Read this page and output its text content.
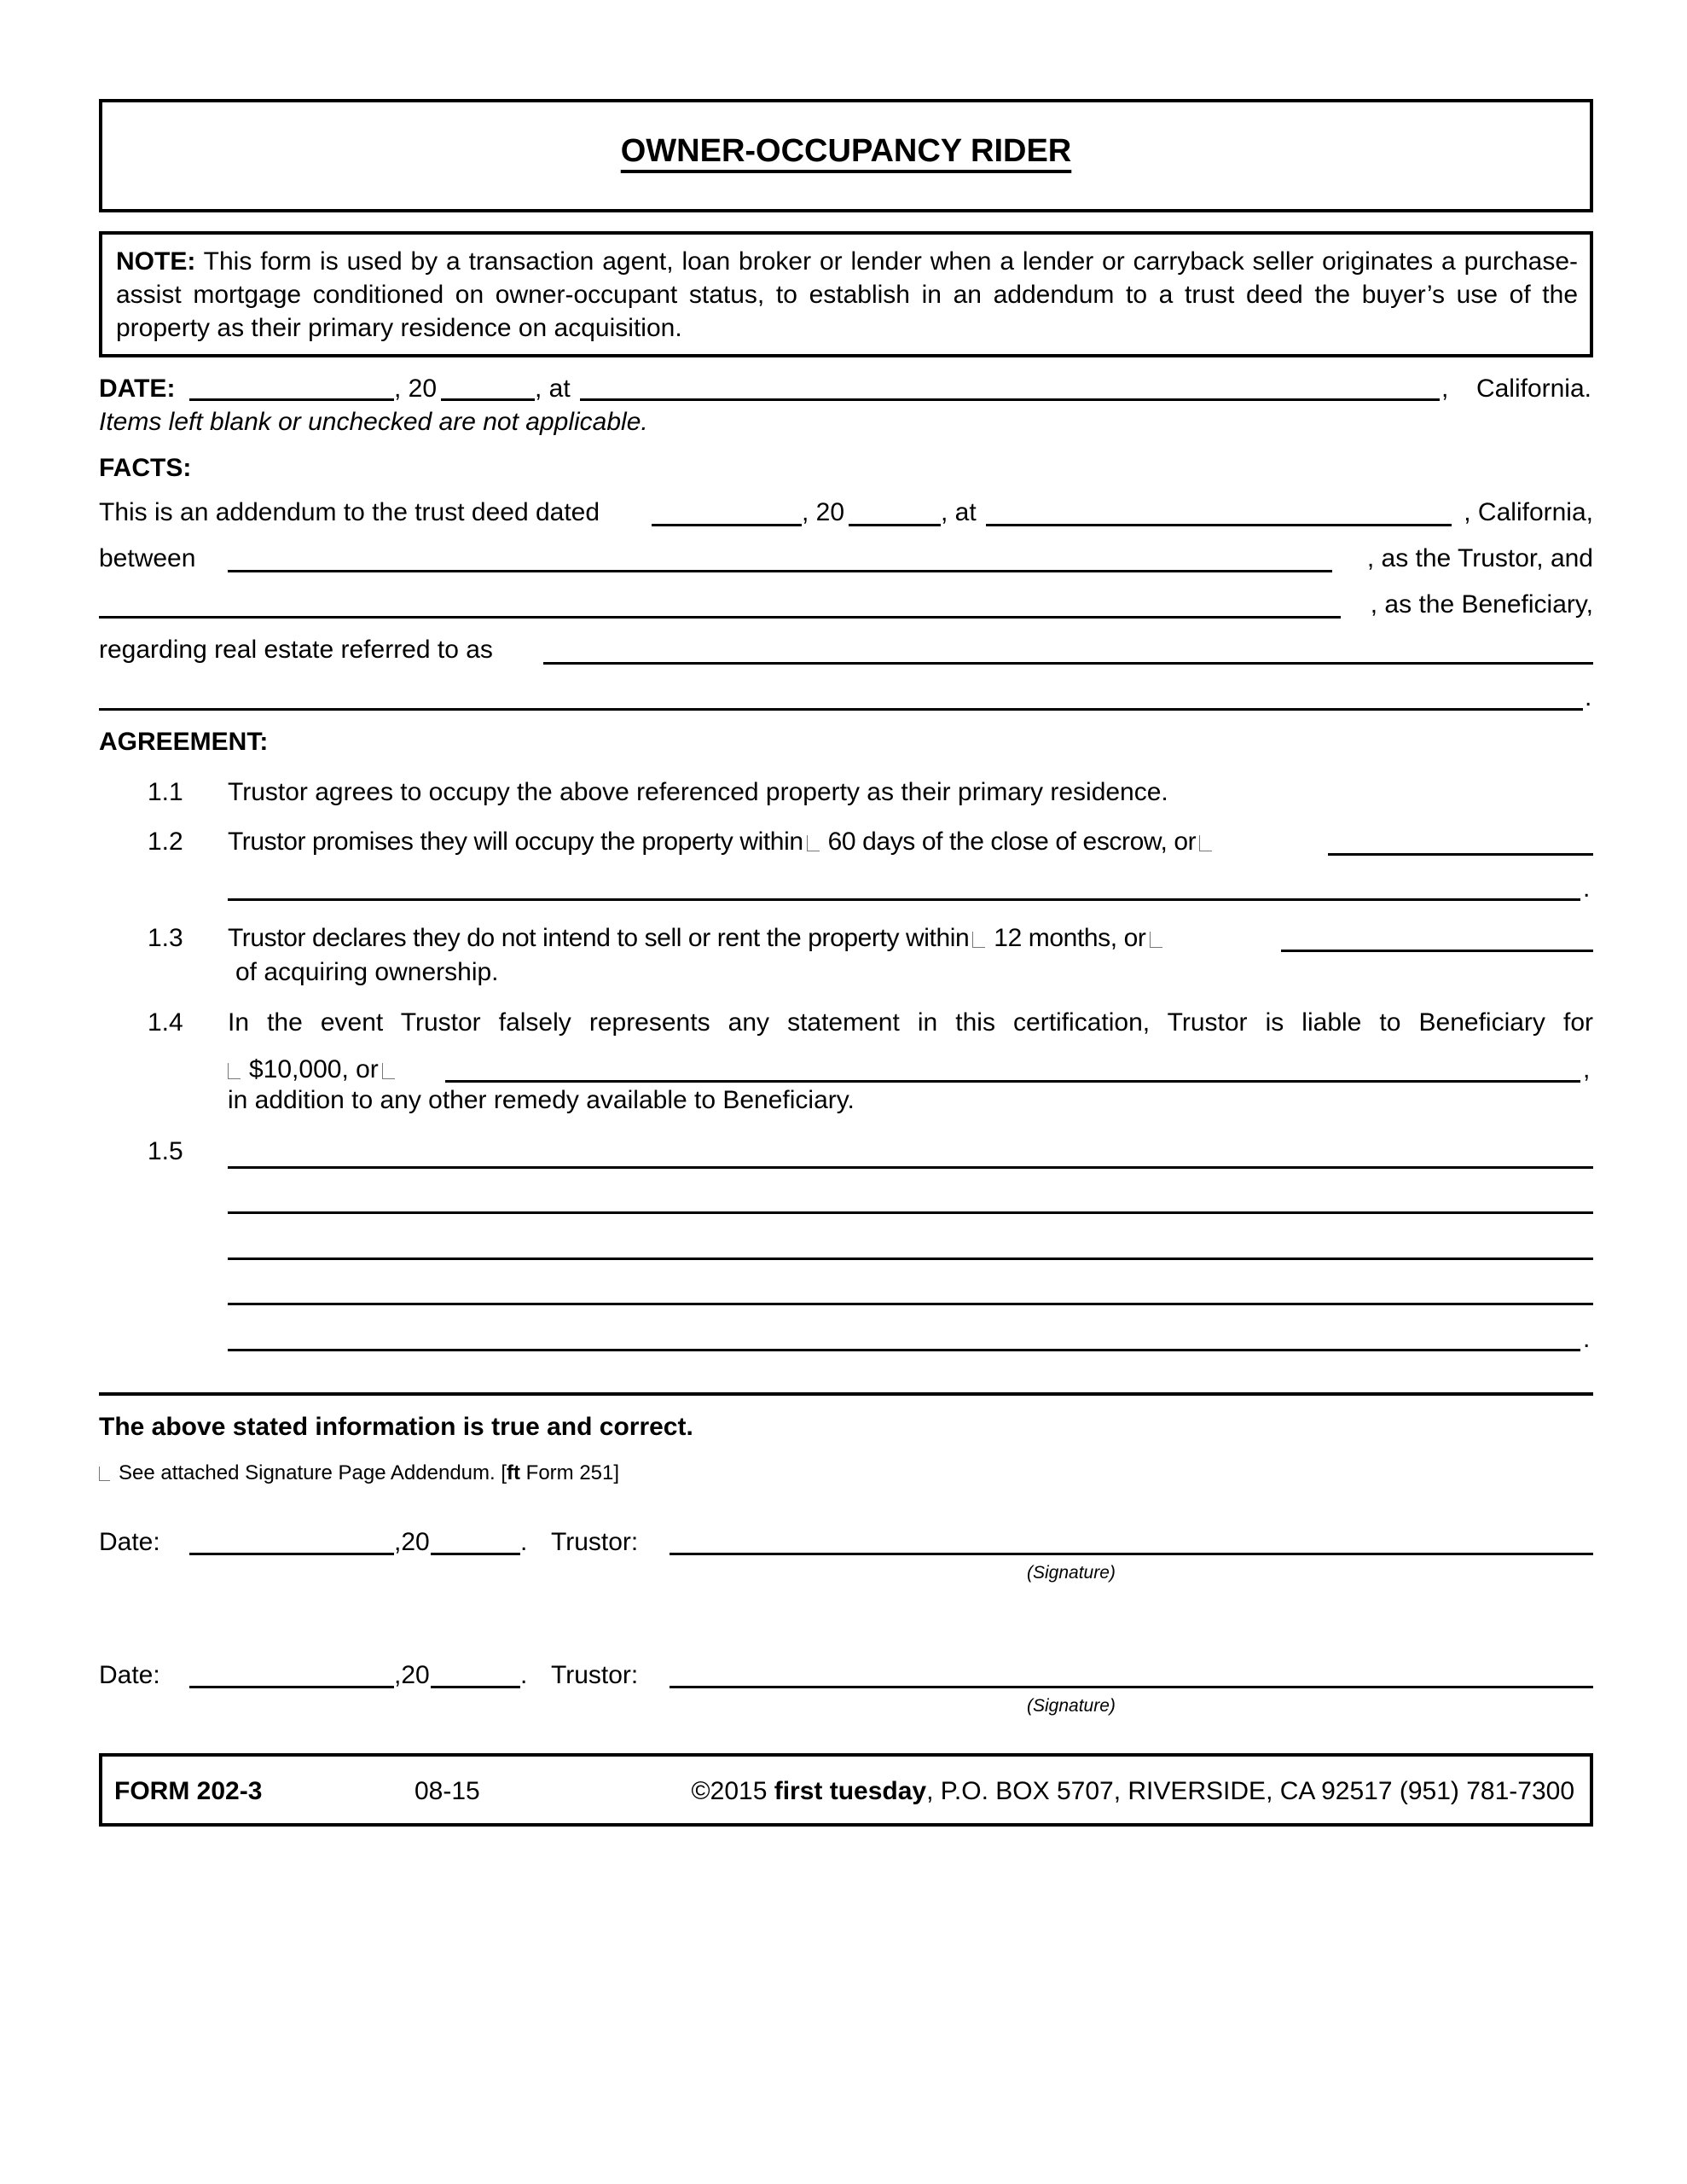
OWNER-OCCUPANCY RIDER
NOTE: This form is used by a transaction agent, loan broker or lender when a lender or carryback seller originates a purchase-assist mortgage conditioned on owner-occupant status, to establish in an addendum to a trust deed the buyer’s use of the property as their primary residence on acquisition.
DATE:	, 20	, at	,	California.
Items left blank or unchecked are not applicable.
FACTS:
This is an addendum to the trust deed dated	, 20	, at	, California,
between	, as the Trustor, and
, as the Beneficiary,
regarding real estate referred to as
.
AGREEMENT:
1.1 Trustor agrees to occupy the above referenced property as their primary residence.
1.2 Trustor promises they will occupy the property within 60 days of the close of escrow, or
.
1.3 Trustor declares they do not intend to sell or rent the property within 12 months, or
of acquiring ownership.
1.4 In the event Trustor falsely represents any statement in this certification, Trustor is liable to Beneficiary for
$10,000, or	,
in addition to any other remedy available to Beneficiary.
1.5
.
The above stated information is true and correct.
See attached Signature Page Addendum. [ft Form 251]
Date:	,20	. Trustor:
(Signature)
Date:	,20	. Trustor:
(Signature)
FORM 202-3	08-15	©2015 first tuesday, P.O. BOX 5707, RIVERSIDE, CA 92517 (951) 781-7300
